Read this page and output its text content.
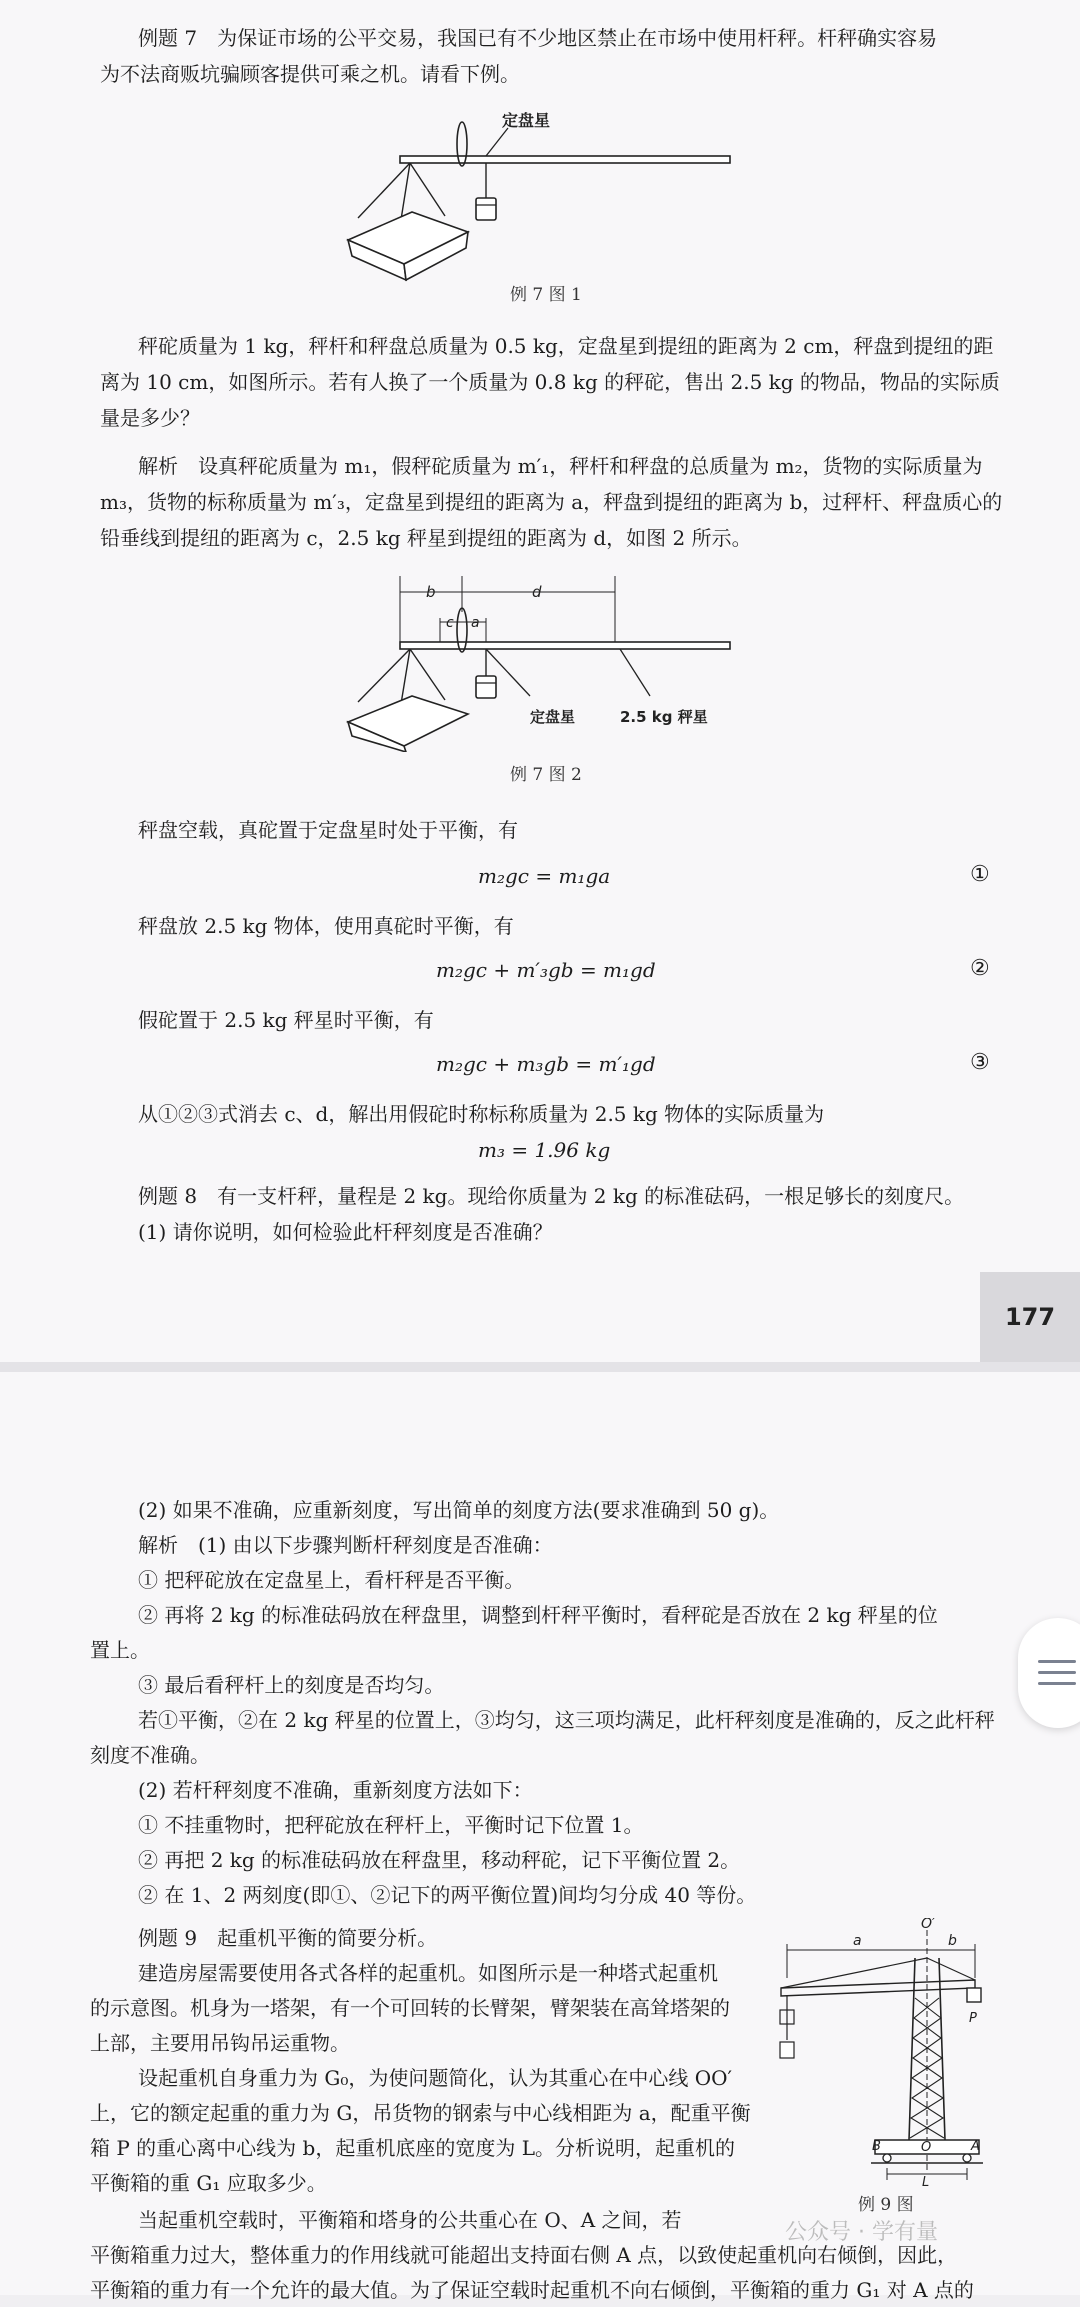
例题 7　为保证市场的公平交易，我国已有不少地区禁止在市场中使用杆秤。杆秤确实容易
为不法商贩坑骗顾客提供可乘之机。请看下例。
定盘星
例 7 图 1
秤砣质量为 1 kg，秤杆和秤盘总质量为 0.5 kg，定盘星到提纽的距离为 2 cm，秤盘到提纽的距
离为 10 cm，如图所示。若有人换了一个质量为 0.8 kg 的秤砣，售出 2.5 kg 的物品，物品的实际质
量是多少？
解析　设真秤砣质量为 m₁，假秤砣质量为 m′₁，秤杆和秤盘的总质量为 m₂，货物的实际质量为
m₃，货物的标称质量为 m′₃，定盘星到提纽的距离为 a，秤盘到提纽的距离为 b，过秤杆、秤盘质心的
铅垂线到提纽的距离为 c，2.5 kg 秤星到提纽的距离为 d，如图 2 所示。
b	d
c a
定盘星	2.5 kg 秤星
例 7 图 2
秤盘空载，真砣置于定盘星时处于平衡，有
m₂gc = m₁ga	①
秤盘放 2.5 kg 物体，使用真砣时平衡，有
m₂gc + m′₃gb = m₁gd	②
假砣置于 2.5 kg 秤星时平衡，有
m₂gc + m₃gb = m′₁gd	③
从①②③式消去 c、d，解出用假砣时称标称质量为 2.5 kg 物体的实际质量为
m₃ = 1.96 kg
例题 8　有一支杆秤，量程是 2 kg。现给你质量为 2 kg 的标准砝码，一根足够长的刻度尺。
(1) 请你说明，如何检验此杆秤刻度是否准确？
177
(2) 如果不准确，应重新刻度，写出简单的刻度方法(要求准确到 50 g)。
解析　(1) 由以下步骤判断杆秤刻度是否准确：
① 把秤砣放在定盘星上，看杆秤是否平衡。
② 再将 2 kg 的标准砝码放在秤盘里，调整到杆秤平衡时，看秤砣是否放在 2 kg 秤星的位
置上。
③ 最后看秤杆上的刻度是否均匀。
若①平衡，②在 2 kg 秤星的位置上，③均匀，这三项均满足，此杆秤刻度是准确的，反之此杆秤
刻度不准确。
(2) 若杆秤刻度不准确，重新刻度方法如下：
① 不挂重物时，把秤砣放在秤杆上，平衡时记下位置 1。
② 再把 2 kg 的标准砝码放在秤盘里，移动秤砣，记下平衡位置 2。
② 在 1、2 两刻度(即①、②记下的两平衡位置)间均匀分成 40 等份。
例题 9　起重机平衡的简要分析。
建造房屋需要使用各式各样的起重机。如图所示是一种塔式起重机
的示意图。机身为一塔架，有一个可回转的长臂架，臂架装在高耸塔架的
上部，主要用吊钩吊运重物。
设起重机自身重力为 G₀，为使问题简化，认为其重心在中心线 OO′
上，它的额定起重的重力为 G，吊货物的钢索与中心线相距为 a，配重平衡
箱 P 的重心离中心线为 b，起重机底座的宽度为 L。分析说明，起重机的
平衡箱的重 G₁ 应取多少。
当起重机空载时，平衡箱和塔身的公共重心在 O、A 之间，若
平衡箱重力过大，整体重力的作用线就可能超出支持面右侧 A 点，以致使起重机向右倾倒，因此，
平衡箱的重力有一个允许的最大值。为了保证空载时起重机不向右倾倒，平衡箱的重力 G₁ 对 A 点的
a
O′
b
P
B	O	A
L
例 9 图
公众号 · 学有量
